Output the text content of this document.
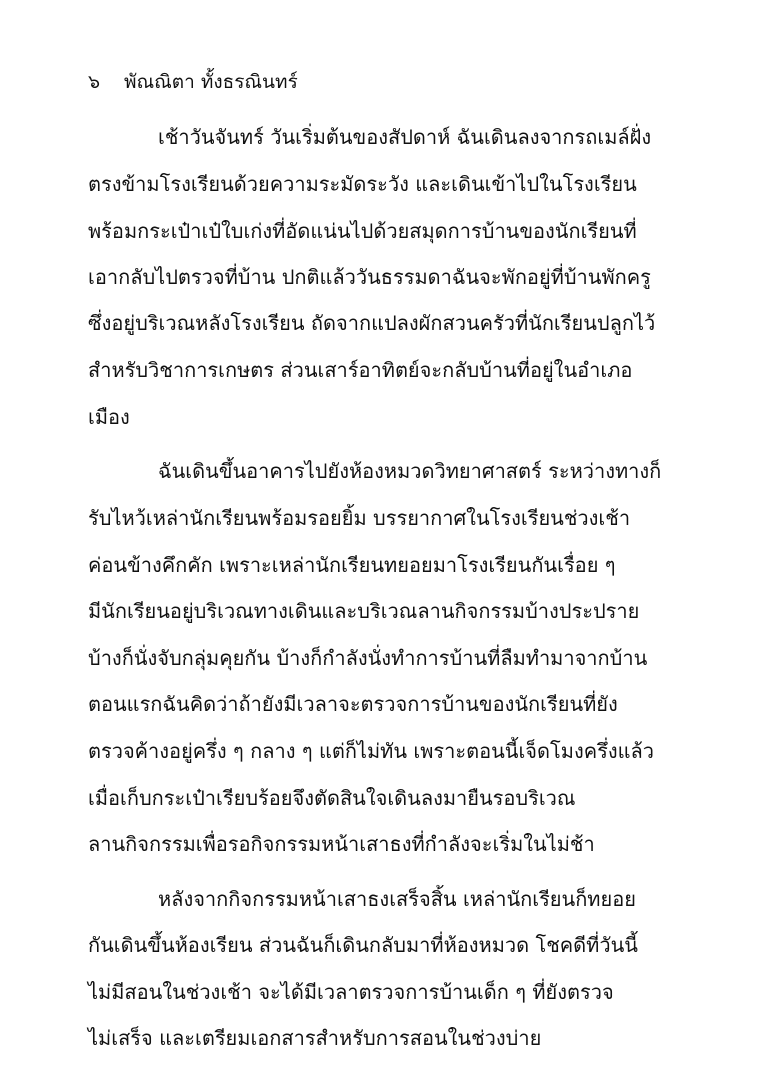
๖ พัณณิตา ทั้งธรณินทร์
เช้าวันจันทร์ วันเริ่มต้นของสัปดาห์ ฉันเดินลงจากรถเมล์ฝั่ง
ตรงข้ามโรงเรียนด้วยความระมัดระวัง และเดินเข้าไปในโรงเรียน
พร้อมกระเป๋าเป๋ใบเก่งที่อัดแน่นไปด้วยสมุดการบ้านของนักเรียนที่
เอากลับไปตรวจที่บ้าน ปกติแล้ววันธรรมดาฉันจะพักอยู่ที่บ้านพักครู
ซึ่งอยู่บริเวณหลังโรงเรียน ถัดจากแปลงผักสวนครัวที่นักเรียนปลูกไว้
สำหรับวิชาการเกษตร ส่วนเสาร์อาทิตย์จะกลับบ้านที่อยู่ในอำเภอ
เมือง
ฉันเดินขึ้นอาคารไปยังห้องหมวดวิทยาศาสตร์ ระหว่างทางก็
รับไหว้เหล่านักเรียนพร้อมรอยยิ้ม บรรยากาศในโรงเรียนช่วงเช้า
ค่อนข้างคึกคัก เพราะเหล่านักเรียนทยอยมาโรงเรียนกันเรื่อย ๆ
มีนักเรียนอยู่บริเวณทางเดินและบริเวณลานกิจกรรมบ้างประปราย
บ้างก็นั่งจับกลุ่มคุยกัน บ้างก็กำลังนั่งทำการบ้านที่ลืมทำมาจากบ้าน
ตอนแรกฉันคิดว่าถ้ายังมีเวลาจะตรวจการบ้านของนักเรียนที่ยัง
ตรวจค้างอยู่ครึ่ง ๆ กลาง ๆ แต่ก็ไม่ทัน เพราะตอนนี้เจ็ดโมงครึ่งแล้ว
เมื่อเก็บกระเป๋าเรียบร้อยจึงตัดสินใจเดินลงมายืนรอบริเวณ
ลานกิจกรรมเพื่อรอกิจกรรมหน้าเสาธงที่กำลังจะเริ่มในไม่ช้า
หลังจากกิจกรรมหน้าเสาธงเสร็จสิ้น เหล่านักเรียนก็ทยอย
กันเดินขึ้นห้องเรียน ส่วนฉันก็เดินกลับมาที่ห้องหมวด โชคดีที่วันนี้
ไม่มีสอนในช่วงเช้า จะได้มีเวลาตรวจการบ้านเด็ก ๆ ที่ยังตรวจ
ไม่เสร็จ และเตรียมเอกสารสำหรับการสอนในช่วงบ่าย
